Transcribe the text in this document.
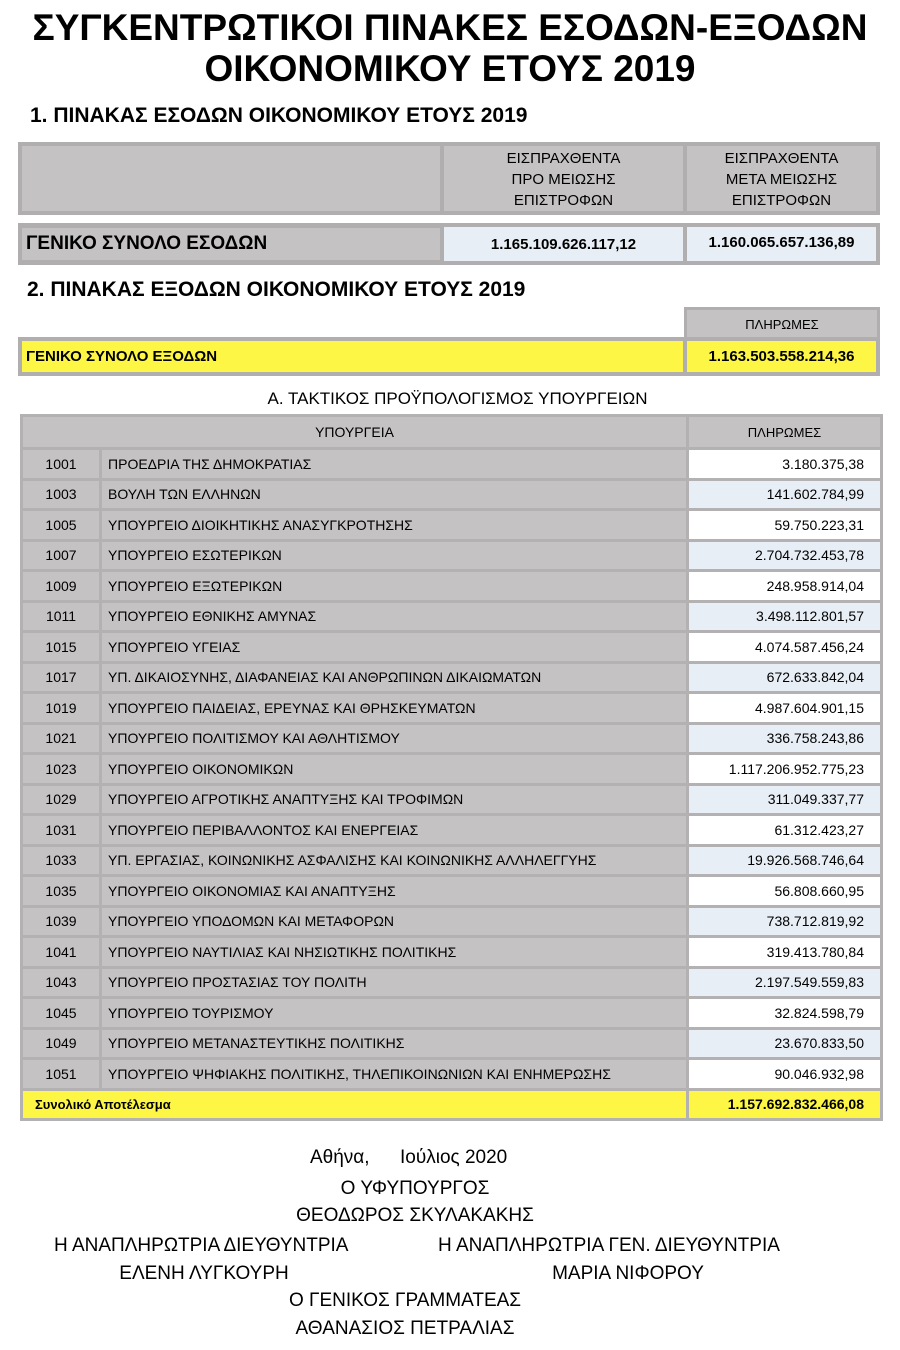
ΣΥΓΚΕΝΤΡΩΤΙΚΟΙ ΠΙΝΑΚΕΣ ΕΣΟΔΩΝ-ΕΞΟΔΩΝ
ΟΙΚΟΝΟΜΙΚΟΥ ΕΤΟΥΣ 2019
1. ΠΙΝΑΚΑΣ ΕΣΟΔΩΝ ΟΙΚΟΝΟΜΙΚΟΥ ΕΤΟΥΣ 2019
ΕΙΣΠΡΑΧΘΕΝΤΑ
ΠΡΟ ΜΕΙΩΣΗΣ
ΕΠΙΣΤΡΟΦΩΝ
ΕΙΣΠΡΑΧΘΕΝΤΑ
ΜΕΤΑ ΜΕΙΩΣΗΣ
ΕΠΙΣΤΡΟΦΩΝ
ΓΕΝΙΚΟ ΣΥΝΟΛΟ ΕΣΟΔΩΝ	1.165.109.626.117,12	1.160.065.657.136,89
2. ΠΙΝΑΚΑΣ ΕΞΟΔΩΝ ΟΙΚΟΝΟΜΙΚΟΥ ΕΤΟΥΣ 2019
ΠΛΗΡΩΜΕΣ
ΓΕΝΙΚΟ ΣΥΝΟΛΟ ΕΞΟΔΩΝ	1.163.503.558.214,36
Α. ΤΑΚΤΙΚΟΣ ΠΡΟΫΠΟΛΟΓΙΣΜΟΣ ΥΠΟΥΡΓΕΙΩΝ
ΥΠΟΥΡΓΕΙΑ		ΠΛΗΡΩΜΕΣ
1001	ΠΡΟΕΔΡΙΑ ΤΗΣ ΔΗΜΟΚΡΑΤΙΑΣ	3.180.375,38
1003	ΒΟΥΛΗ ΤΩΝ ΕΛΛΗΝΩΝ	141.602.784,99
1005	ΥΠΟΥΡΓΕΙΟ ΔΙΟΙΚΗΤΙΚΗΣ ΑΝΑΣΥΓΚΡΟΤΗΣΗΣ	59.750.223,31
1007	ΥΠΟΥΡΓΕΙΟ ΕΣΩΤΕΡΙΚΩΝ	2.704.732.453,78
1009	ΥΠΟΥΡΓΕΙΟ ΕΞΩΤΕΡΙΚΩΝ	248.958.914,04
1011	ΥΠΟΥΡΓΕΙΟ ΕΘΝΙΚΗΣ ΑΜΥΝΑΣ	3.498.112.801,57
1015	ΥΠΟΥΡΓΕΙΟ ΥΓΕΙΑΣ	4.074.587.456,24
1017	ΥΠ. ΔΙΚΑΙΟΣΥΝΗΣ, ΔΙΑΦΑΝΕΙΑΣ ΚΑΙ ΑΝΘΡΩΠΙΝΩΝ ΔΙΚΑΙΩΜΑΤΩΝ	672.633.842,04
1019	ΥΠΟΥΡΓΕΙΟ ΠΑΙΔΕΙΑΣ, ΕΡΕΥΝΑΣ ΚΑΙ ΘΡΗΣΚΕΥΜΑΤΩΝ	4.987.604.901,15
1021	ΥΠΟΥΡΓΕΙΟ ΠΟΛΙΤΙΣΜΟΥ ΚΑΙ ΑΘΛΗΤΙΣΜΟΥ	336.758.243,86
1023	ΥΠΟΥΡΓΕΙΟ ΟΙΚΟΝΟΜΙΚΩΝ	1.117.206.952.775,23
1029	ΥΠΟΥΡΓΕΙΟ ΑΓΡΟΤΙΚΗΣ ΑΝΑΠΤΥΞΗΣ ΚΑΙ ΤΡΟΦΙΜΩΝ	311.049.337,77
1031	ΥΠΟΥΡΓΕΙΟ ΠΕΡΙΒΑΛΛΟΝΤΟΣ ΚΑΙ ΕΝΕΡΓΕΙΑΣ	61.312.423,27
1033	ΥΠ. ΕΡΓΑΣΙΑΣ, ΚΟΙΝΩΝΙΚΗΣ ΑΣΦΑΛΙΣΗΣ ΚΑΙ ΚΟΙΝΩΝΙΚΗΣ ΑΛΛΗΛΕΓΓΥΗΣ	19.926.568.746,64
1035	ΥΠΟΥΡΓΕΙΟ ΟΙΚΟΝΟΜΙΑΣ ΚΑΙ ΑΝΑΠΤΥΞΗΣ	56.808.660,95
1039	ΥΠΟΥΡΓΕΙΟ ΥΠΟΔΟΜΩΝ ΚΑΙ ΜΕΤΑΦΟΡΩΝ	738.712.819,92
1041	ΥΠΟΥΡΓΕΙΟ ΝΑΥΤΙΛΙΑΣ ΚΑΙ ΝΗΣΙΩΤΙΚΗΣ ΠΟΛΙΤΙΚΗΣ	319.413.780,84
1043	ΥΠΟΥΡΓΕΙΟ ΠΡΟΣΤΑΣΙΑΣ ΤΟΥ ΠΟΛΙΤΗ	2.197.549.559,83
1045	ΥΠΟΥΡΓΕΙΟ ΤΟΥΡΙΣΜΟΥ	32.824.598,79
1049	ΥΠΟΥΡΓΕΙΟ ΜΕΤΑΝΑΣΤΕΥΤΙΚΗΣ ΠΟΛΙΤΙΚΗΣ	23.670.833,50
1051	ΥΠΟΥΡΓΕΙΟ ΨΗΦΙΑΚΗΣ ΠΟΛΙΤΙΚΗΣ, ΤΗΛΕΠΙΚΟΙΝΩΝΙΩΝ ΚΑΙ ΕΝΗΜΕΡΩΣΗΣ	90.046.932,98
Συνολικό Αποτέλεσμα		1.157.692.832.466,08
Αθήνα, Ιούλιος 2020
Ο ΥΦΥΠΟΥΡΓΟΣ
ΘΕΟΔΩΡΟΣ ΣΚΥΛΑΚΑΚΗΣ
Η ΑΝΑΠΛΗΡΩΤΡΙΑ ΔΙΕΥΘΥΝΤΡΙΑ
ΕΛΕΝΗ ΛΥΓΚΟΥΡΗ
Η ΑΝΑΠΛΗΡΩΤΡΙΑ ΓΕΝ. ΔΙΕΥΘΥΝΤΡΙΑ
ΜΑΡΙΑ ΝΙΦΟΡΟΥ
Ο ΓΕΝΙΚΟΣ ΓΡΑΜΜΑΤΕΑΣ
ΑΘΑΝΑΣΙΟΣ ΠΕΤΡΑΛΙΑΣ
